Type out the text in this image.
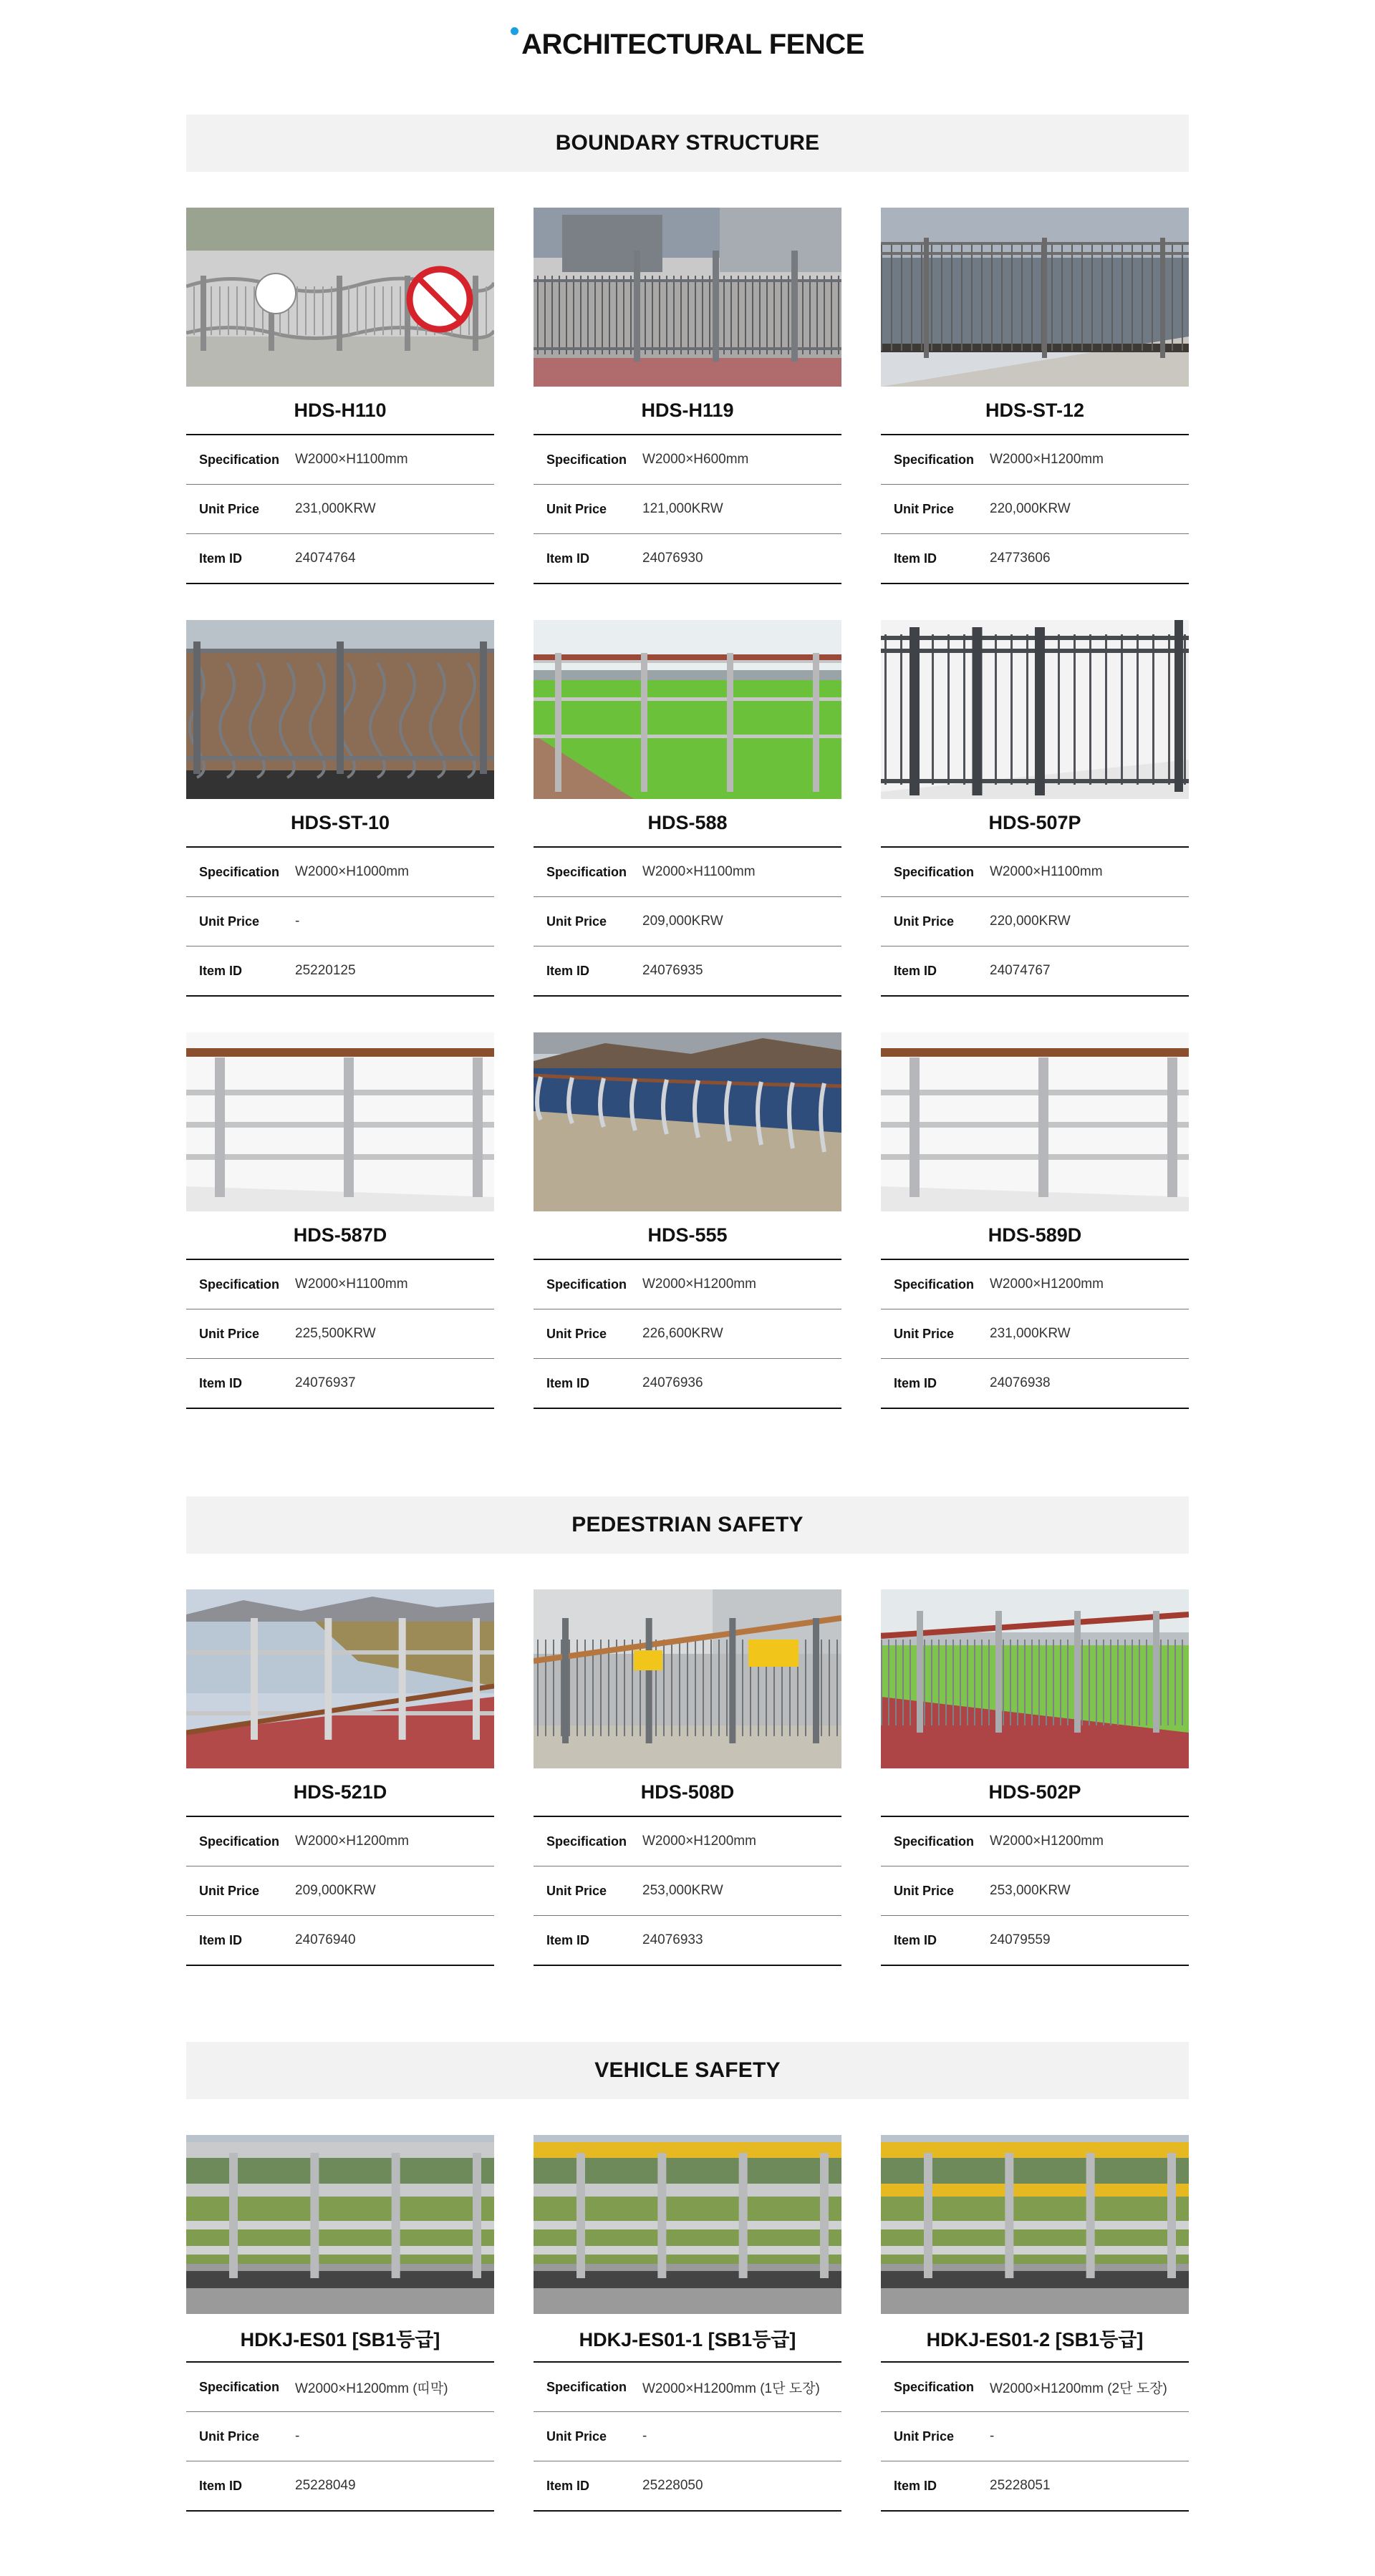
ARCHITECTURAL FENCE
BOUNDARY STRUCTURE
HDS-H110
Specification	W2000×H1100mm
Unit Price	231,000KRW
Item ID	24074764
HDS-H119
Specification	W2000×H600mm
Unit Price	121,000KRW
Item ID	24076930
HDS-ST-12
Specification	W2000×H1200mm
Unit Price	220,000KRW
Item ID	24773606
HDS-ST-10
Specification	W2000×H1000mm
Unit Price	-
Item ID	25220125
HDS-588
Specification	W2000×H1100mm
Unit Price	209,000KRW
Item ID	24076935
HDS-507P
Specification	W2000×H1100mm
Unit Price	220,000KRW
Item ID	24074767
HDS-587D
Specification	W2000×H1100mm
Unit Price	225,500KRW
Item ID	24076937
HDS-555
Specification	W2000×H1200mm
Unit Price	226,600KRW
Item ID	24076936
HDS-589D
Specification	W2000×H1200mm
Unit Price	231,000KRW
Item ID	24076938
PEDESTRIAN SAFETY
HDS-521D
Specification	W2000×H1200mm
Unit Price	209,000KRW
Item ID	24076940
HDS-508D
Specification	W2000×H1200mm
Unit Price	253,000KRW
Item ID	24076933
HDS-502P
Specification	W2000×H1200mm
Unit Price	253,000KRW
Item ID	24079559
VEHICLE SAFETY
HDKJ-ES01 [SB1등급]
Specification	W2000×H1200mm (띠막)
Unit Price	-
Item ID	25228049
HDKJ-ES01-1 [SB1등급]
Specification	W2000×H1200mm (1단 도장)
Unit Price	-
Item ID	25228050
HDKJ-ES01-2 [SB1등급]
Specification	W2000×H1200mm (2단 도장)
Unit Price	-
Item ID	25228051
